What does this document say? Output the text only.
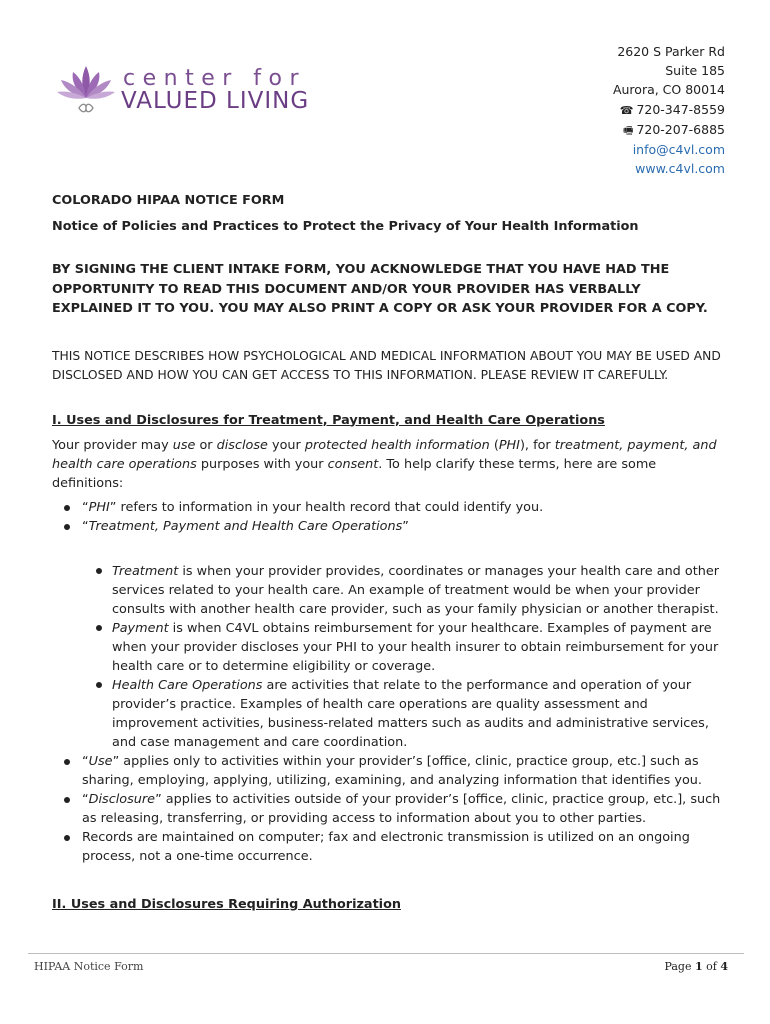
center for
VALUED LIVING
2620 S Parker Rd
Suite 185
Aurora, CO 80014
☎ 720-347-8559
🖷 720-207-6885
info@c4vl.com
www.c4vl.com
COLORADO HIPAA NOTICE FORM
Notice of Policies and Practices to Protect the Privacy of Your Health Information
BY SIGNING THE CLIENT INTAKE FORM, YOU ACKNOWLEDGE THAT YOU HAVE HAD THE OPPORTUNITY TO READ THIS DOCUMENT AND/OR YOUR PROVIDER HAS VERBALLY EXPLAINED IT TO YOU. YOU MAY ALSO PRINT A COPY OR ASK YOUR PROVIDER FOR A COPY.
THIS NOTICE DESCRIBES HOW PSYCHOLOGICAL AND MEDICAL INFORMATION ABOUT YOU MAY BE USED AND DISCLOSED AND HOW YOU CAN GET ACCESS TO THIS INFORMATION. PLEASE REVIEW IT CAREFULLY.
I. Uses and Disclosures for Treatment, Payment, and Health Care Operations
Your provider may use or disclose your protected health information (PHI), for treatment, payment, and health care operations purposes with your consent. To help clarify these terms, here are some definitions:
“PHI” refers to information in your health record that could identify you.
“Treatment, Payment and Health Care Operations”
Treatment is when your provider provides, coordinates or manages your health care and other services related to your health care. An example of treatment would be when your provider consults with another health care provider, such as your family physician or another therapist.
Payment is when C4VL obtains reimbursement for your healthcare. Examples of payment are when your provider discloses your PHI to your health insurer to obtain reimbursement for your health care or to determine eligibility or coverage.
Health Care Operations are activities that relate to the performance and operation of your provider’s practice. Examples of health care operations are quality assessment and improvement activities, business-related matters such as audits and administrative services, and case management and care coordination.
“Use” applies only to activities within your provider’s [office, clinic, practice group, etc.] such as sharing, employing, applying, utilizing, examining, and analyzing information that identifies you.
“Disclosure” applies to activities outside of your provider’s [office, clinic, practice group, etc.], such as releasing, transferring, or providing access to information about you to other parties.
Records are maintained on computer; fax and electronic transmission is utilized on an ongoing process, not a one-time occurrence.
II. Uses and Disclosures Requiring Authorization
HIPAA Notice Form	Page 1 of 4
